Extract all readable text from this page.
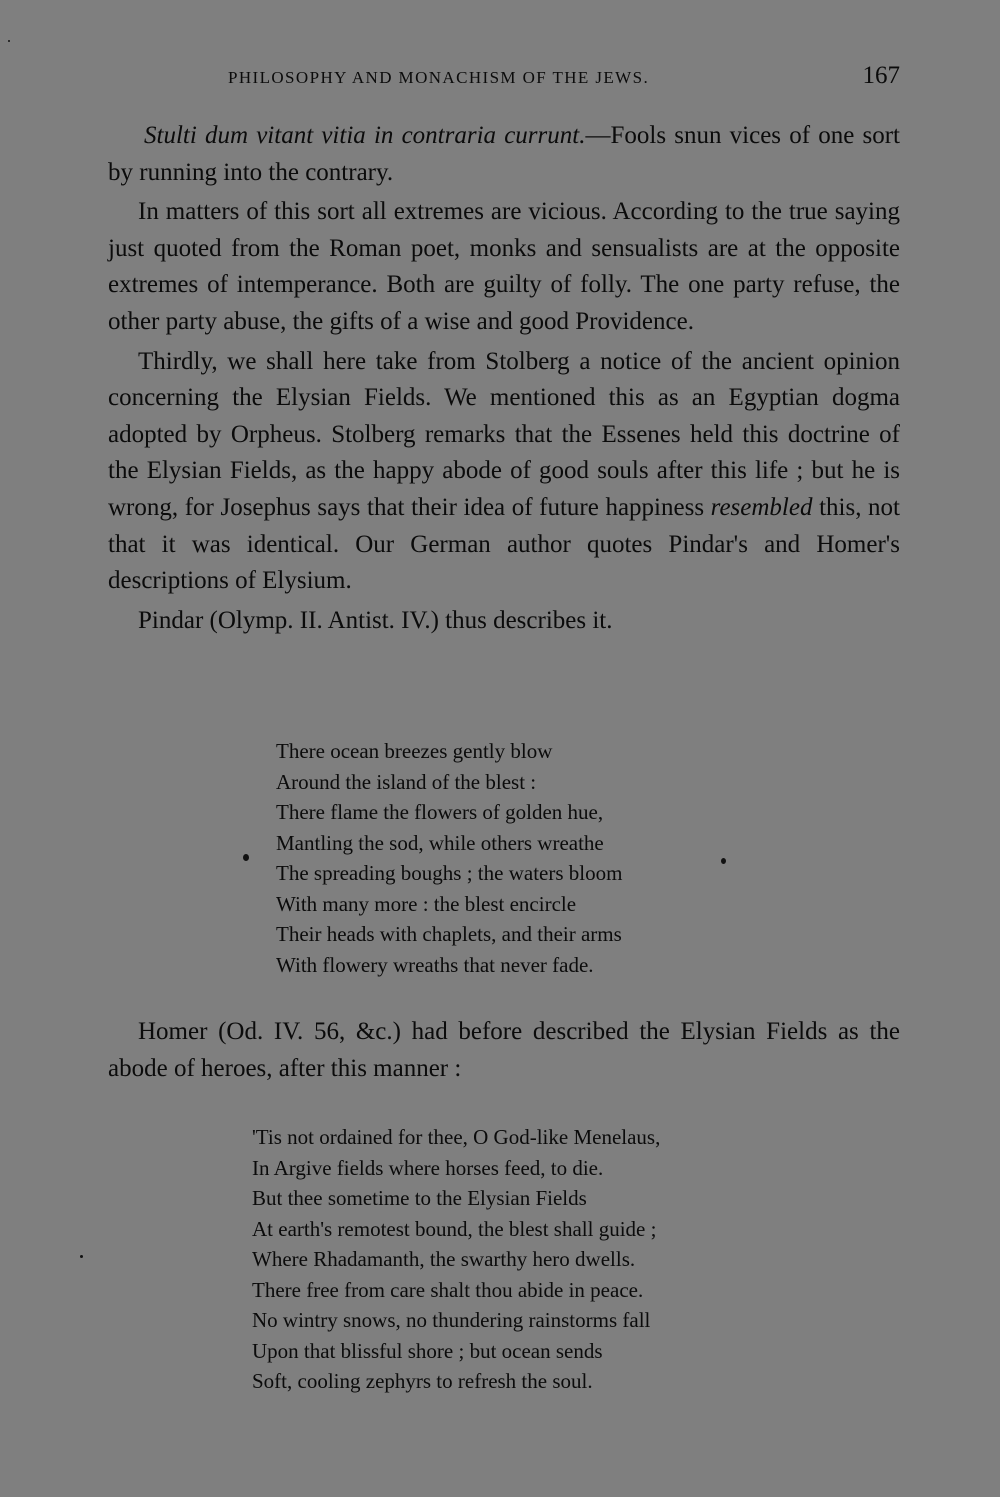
PHILOSOPHY AND MONACHISM OF THE JEWS.	167

Stulti dum vitant vitia in contraria currunt.—Fools snun vices of one sort by running into the contrary.

In matters of this sort all extremes are vicious. According to the true saying just quoted from the Roman poet, monks and sensualists are at the opposite extremes of intemperance. Both are guilty of folly. The one party refuse, the other party abuse, the gifts of a wise and good Providence.

Thirdly, we shall here take from Stolberg a notice of the ancient opinion concerning the Elysian Fields. We mentioned this as an Egyptian dogma adopted by Orpheus. Stolberg remarks that the Essenes held this doctrine of the Elysian Fields, as the happy abode of good souls after this life ; but he is wrong, for Josephus says that their idea of future happiness resembled this, not that it was identical. Our German author quotes Pindar's and Homer's descriptions of Elysium.

Pindar (Olymp. II. Antist. IV.) thus describes it.

There ocean breezes gently blow
Around the island of the blest :
There flame the flowers of golden hue,
Mantling the sod, while others wreathe
The spreading boughs ; the waters bloom
With many more : the blest encircle
Their heads with chaplets, and their arms
With flowery wreaths that never fade.

Homer (Od. IV. 56, &c.) had before described the Elysian Fields as the abode of heroes, after this manner :

'Tis not ordained for thee, O God-like Menelaus,
In Argive fields where horses feed, to die.
But thee sometime to the Elysian Fields
At earth's remotest bound, the blest shall guide ;
Where Rhadamanth, the swarthy hero dwells.
There free from care shalt thou abide in peace.
No wintry snows, no thundering rainstorms fall
Upon that blissful shore ; but ocean sends
Soft, cooling zephyrs to refresh the soul.
